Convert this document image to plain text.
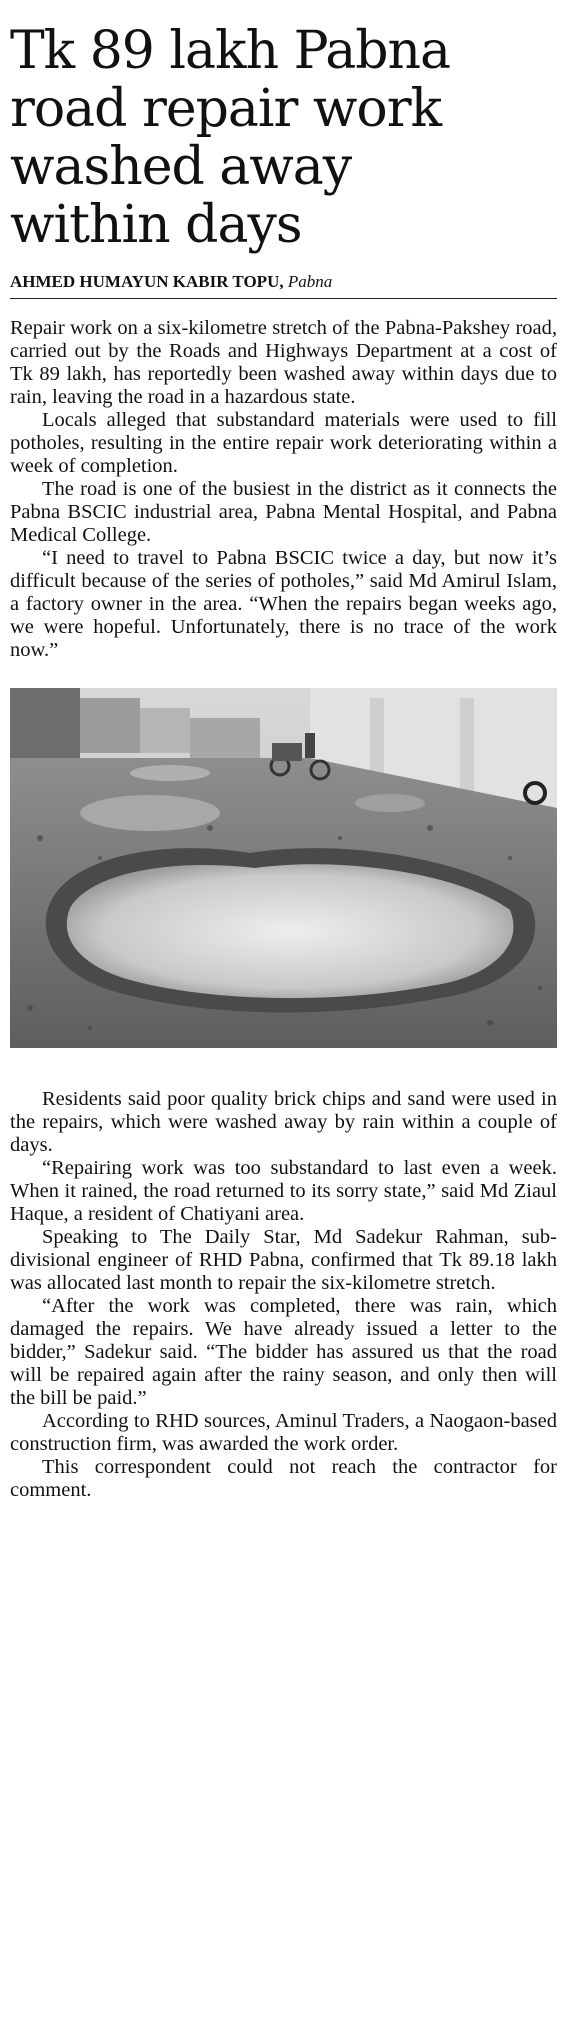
Tk 89 lakh Pabna
road repair work
washed away
within days
AHMED HUMAYUN KABIR TOPU, Pabna

Repair work on a six-kilometre stretch of the Pabna-Pakshey road, carried out by the Roads and Highways Department at a cost of Tk 89 lakh, has reportedly been washed away within days due to rain, leaving the road in a hazardous state.

Locals alleged that substandard materials were used to fill potholes, resulting in the entire repair work deteriorating within a week of completion.

The road is one of the busiest in the district as it connects the Pabna BSCIC industrial area, Pabna Mental Hospital, and Pabna Medical College.

“I need to travel to Pabna BSCIC twice a day, but now it’s difficult because of the series of potholes,” said Md Amirul Islam, a factory owner in the area. “When the repairs began weeks ago, we were hopeful. Unfortunately, there is no trace of the work now.”

Residents said poor quality brick chips and sand were used in the repairs, which were washed away by rain within a couple of days.

“Repairing work was too substandard to last even a week. When it rained, the road returned to its sorry state,” said Md Ziaul Haque, a resident of Chatiyani area.

Speaking to The Daily Star, Md Sadekur Rahman, sub-divisional engineer of RHD Pabna, confirmed that Tk 89.18 lakh was allocated last month to repair the six-kilometre stretch.

“After the work was completed, there was rain, which damaged the repairs. We have already issued a letter to the bidder,” Sadekur said. “The bidder has assured us that the road will be repaired again after the rainy season, and only then will the bill be paid.”

According to RHD sources, Aminul Traders, a Naogaon-based construction firm, was awarded the work order.

This correspondent could not reach the contractor for comment.
